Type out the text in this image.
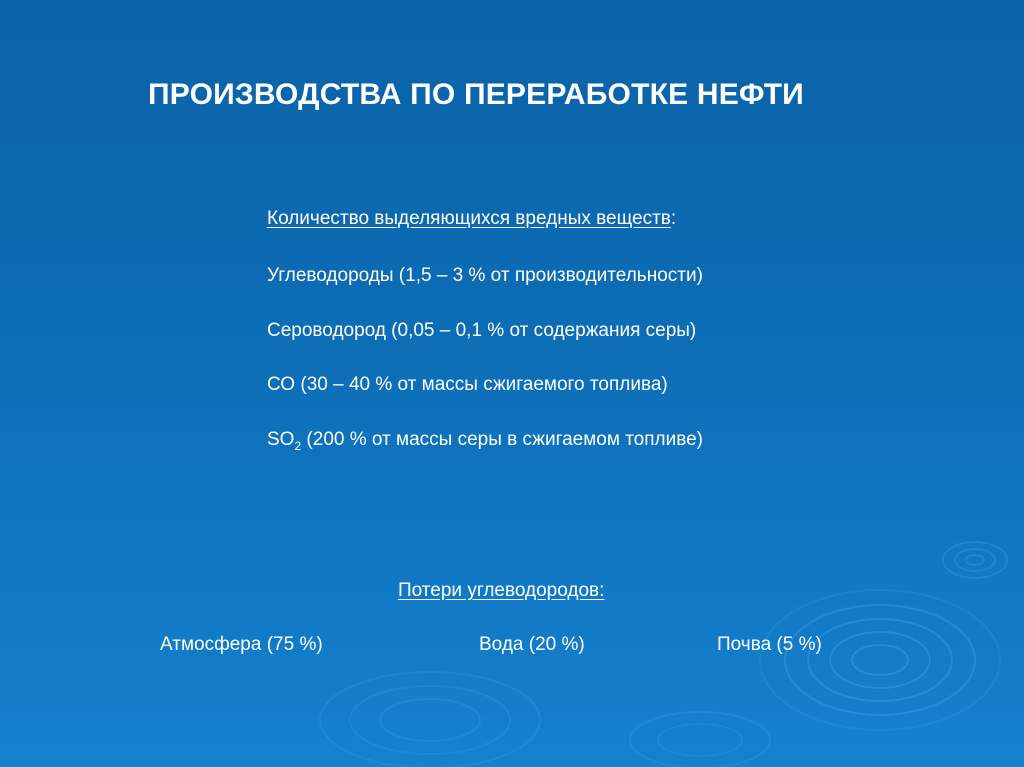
ПРОИЗВОДСТВА ПО ПЕРЕРАБОТКЕ НЕФТИ
Количество выделяющихся вредных веществ:
Углеводороды (1,5 – 3 % от производительности)
Сероводород (0,05 – 0,1 % от содержания серы)
СО (30 – 40 % от массы сжигаемого топлива)
$SO_2$ (200 % от массы серы в сжигаемом топливе)
Потери углеводородов:
Атмосфера (75 %)	Вода (20 %)	Почва (5 %)
